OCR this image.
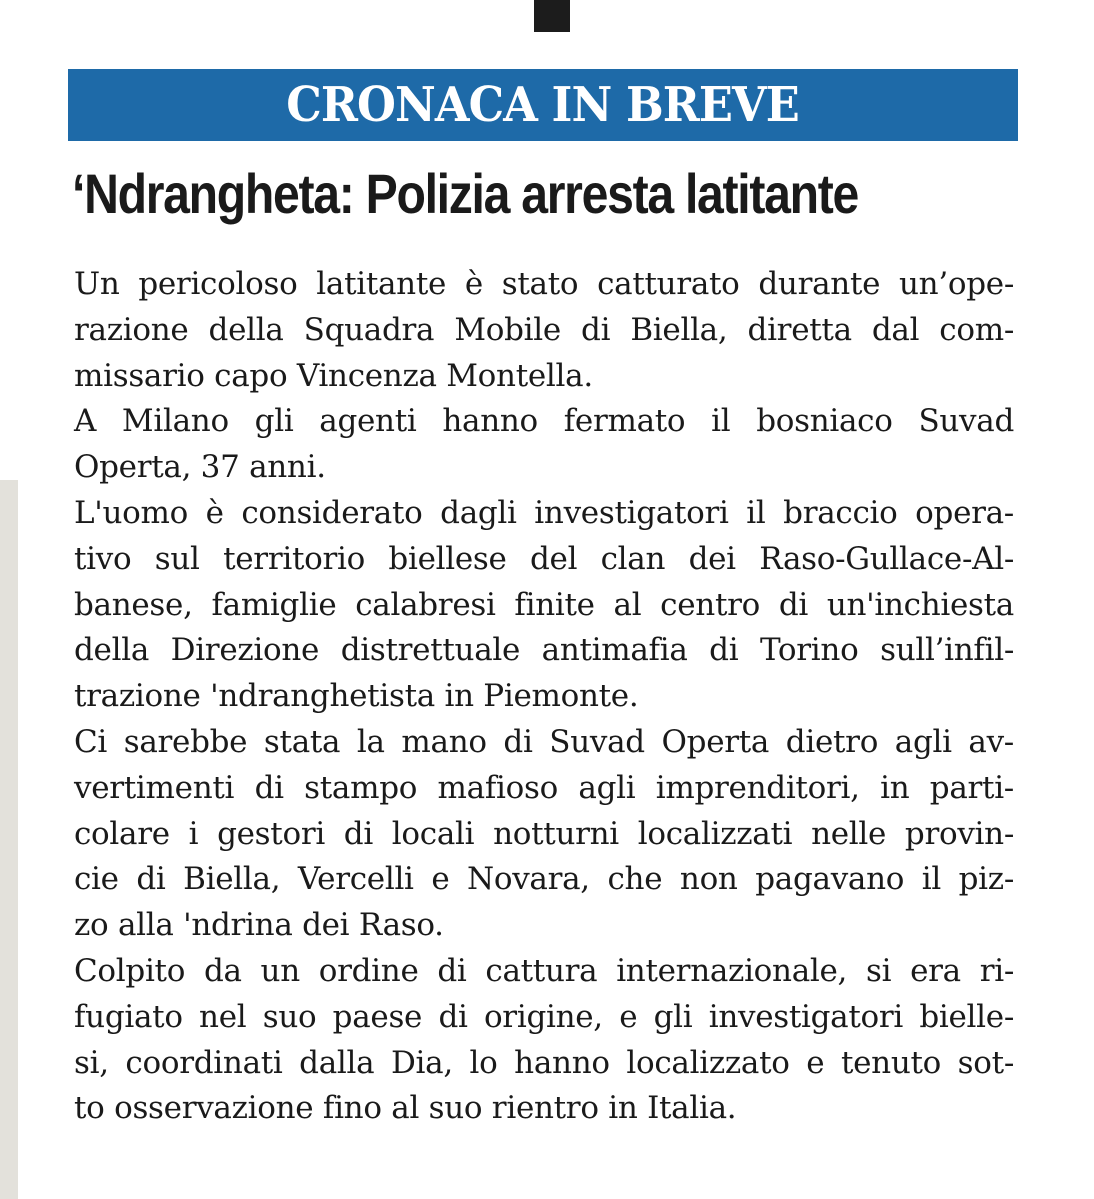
CRONACA IN BREVE
‘Ndrangheta: Polizia arresta latitante
Un pericoloso latitante è stato catturato durante un’ope-
razione della Squadra Mobile di Biella, diretta dal com-
missario capo Vincenza Montella.
A Milano gli agenti hanno fermato il bosniaco Suvad
Operta, 37 anni.
L'uomo è considerato dagli investigatori il braccio opera-
tivo sul territorio biellese del clan dei Raso-Gullace-Al-
banese, famiglie calabresi finite al centro di un'inchiesta
della Direzione distrettuale antimafia di Torino sull’infil-
trazione 'ndranghetista in Piemonte.
Ci sarebbe stata la mano di Suvad Operta dietro agli av-
vertimenti di stampo mafioso agli imprenditori, in parti-
colare i gestori di locali notturni localizzati nelle provin-
cie di Biella, Vercelli e Novara, che non pagavano il piz-
zo alla 'ndrina dei Raso.
Colpito da un ordine di cattura internazionale, si era ri-
fugiato nel suo paese di origine, e gli investigatori bielle-
si, coordinati dalla Dia, lo hanno localizzato e tenuto sot-
to osservazione fino al suo rientro in Italia.
